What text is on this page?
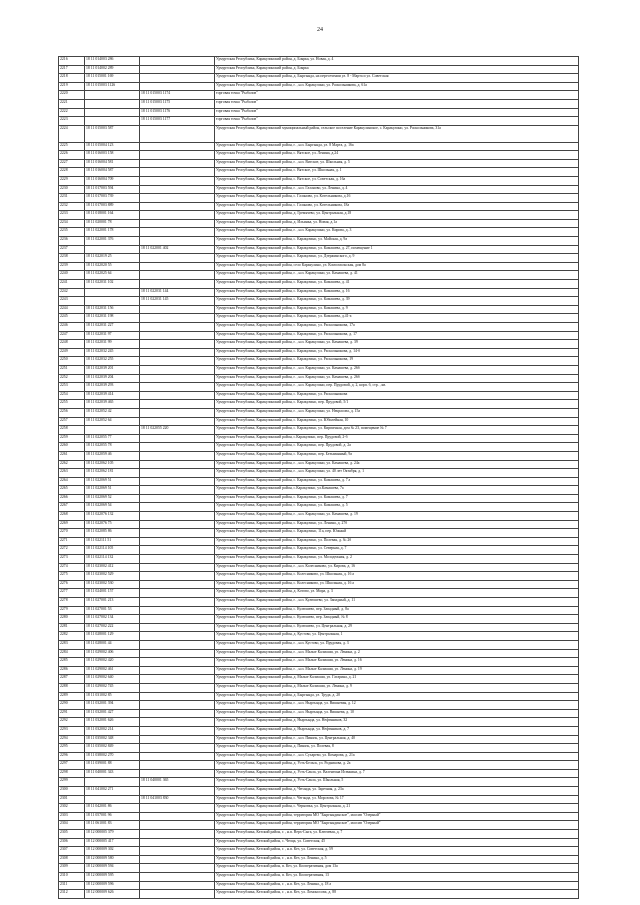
24
2216	18 11 014003 286		Удмуртская Республика, Каракулинский район, д. Боярка, ул. Новая, д. 4
2217	18 11 014002 289		Удмуртская Республика, Каракулинский район, д. Боярка
2218	18 11 015001 169		Удмуртская Республика, Каракулинский район, д. Быргында, на пересечении ул. 8 - Марта и ул. Советская
2219	18 11 015003 1126		Удмуртская Республика, Каракулинский район, г. , н.п. Каракулино, ул. Раскольникова, д. 61а
2220		18 11 015003 1174	торговая точка "Рыболов"
2221		18 11 015003 1175	торговая точка "Рыболов"
2222		18 11 015003 1176	торговая точка "Рыболов"
2223		18 11 015003 1177	торговая точка "Рыболов"
2224	18 11 015003 587		Удмуртская Республика, Каракулинский муниципальный район, сельское поселение Каракулинское, с. Каракулино, ул. Раскольникова, 31а
2225	18 11 015004 123		Удмуртская Республика, Каракулинский район, г. , н.п. Быргында, ул. 8 Марта, д. 16а
2226	18 11 016003 158		Удмуртская Республика, Каракулинский район, с. Вятское, ул. Ленина, д.24
2227	18 11 016004 581		Удмуртская Республика, Каракулинский район, г. , н.п. Вятское, ул. Школьная, д. 5
2228	18 11 016004 587		Удмуртская Республика, Каракулинский район, с. Вятское, ул. Школьная, д. 1
2229	18 11 016004 709		Удмуртская Республика, Каракулинский район, с. Вятское, ул. Советская, д. 16а
2230	18 11 017003 594		Удмуртская Республика, Каракулинский район, г. , н.п. Галаново, ул. Ленина, д. 4
2231	18 11 017003 739		Удмуртская Республика, Каракулинский район, с. Галаново, ул. Котельникова, д.16
2232	18 11 017003 889		Удмуртская Республика, Каракулинский район, с. Галаново, ул. Котельникова, 18а
2233	18 11 018001 164		Удмуртская Республика, Каракулинский район, д. Гремячево, ул. Центральная, д.18
2234	18 11 020001 78		Удмуртская Республика, Каракулинский район, д. Ильинка, ул. Новая, д.1а
2235	18 11 022001 178		Удмуртская Республика, Каракулинский район, г. , н.п. Каракулино, ул. Кирова, д. 3
2236	18 11 022001 376		Удмуртская Республика, Каракулинский район, с. Каракулино, ул. Майская, д. 9а
2237		18 11 022001 402	Удмуртская Республика, Каракулинский район, с. Каракулино, ул. Камашева, д. 27, помещение 1
2238	18 11 022019 25		Удмуртская Республика, Каракулинский район, с. Каракулино, ул. Дзержинского, д. 9
2239	18 11 022020 55		Удмуртская Республика, Каракулинский район, село Каракулино, ул. Комсомольская, дом 8а
2240	18 11 022025 64		Удмуртская Республика, Каракулинский район, г. , н.п. Каракулино, ул. Камашева, д. 41
2241	18 11 022031 102		Удмуртская Республика, Каракулинский район, с. Каракулино, ул. Камашева, д. 41
2242		18 11 022031 144	Удмуртская Республика, Каракулинский район, с. Каракулино, ул. Камашева, д. 16
2243		18 11 022031 145	Удмуртская Республика, Каракулинский район, с. Каракулино, ул. Камашева, д. 39
2244	18 11 022031 156		Удмуртская Республика, Каракулинский район, с. Каракулино, ул. Камашева, д. 9
2245	18 11 022031 198		Удмуртская Республика, Каракулинский район, с. Каракулино, ул. Камашева, д.41-а
2246	18 11 022031 227		Удмуртская Республика, Каракулинский район, с. Каракулино, ул. Раскольникова, 17а
2247	18 11 022031 97		Удмуртская Республика, Каракулинский район, с. Каракулино, ул. Раскольникова, д. 17
2248	18 11 022031 99		Удмуртская Республика, Каракулинский район, г. , н.п. Каракулино, ул. Камашева, д. 39
2249	18 11 022032 245		Удмуртская Республика, Каракулинский район, с. Каракулино, ул. Раскольникова, д. 14-б
2250	18 11 022032 255		Удмуртская Республика, Каракулинский район, с. Каракулино, ул. Раскольникова, 19
2251	18 11 022039 201		Удмуртская Республика, Каракулинский район, г. , н.п. Каракулино, ул. Камашева, д. 26б
2252	18 11 022039 204		Удмуртская Республика, Каракулинский район, г. , н.п. Каракулино, ул. Камашева, д. 26б
2253	18 11 022039 293		Удмуртская Республика, Каракулинский район, г. , н.п. Каракулино, пер. Прудовой, д. 2, корп. б, стр. , кв.
2254	18 11 022039 414		Удмуртская Республика, Каракулинский район, с. Каракулино, ул. Раскольникова
2255	18 11 022039 465		Удмуртская Республика, Каракулинский район, с. Каракулино, пер. Прудовой, 5/1
2256	18 11 022052 42		Удмуртская Республика, Каракулинский район, г. , н.п. Каракулино, ул. Некрасова, д. 15а
2257	18 11 022052 64		Удмуртская Республика, Каракулинский район, с. Каракулино, ул. Юбилейная, 10
2258		18 11 022055 220	Удмуртская Республика, Каракулинский район, с. Каракулино, ул. Кирпичная, дом № 23, помещение № 7
2259	18 11 022055 77		Удмуртская Республика, Каракулинский район, с.Каракулино, пер. Прудовой, 2-б
2260	18 11 022055 78		Удмуртская Республика, Каракулинский район, с. Каракулино, пер. Прудовой, д. 2а
2261	18 11 022059 46		Удмуртская Республика, Каракулинский район, с. Каракулино, пер. Безымянный, 9а
2262	18 11 022062 105		Удмуртская Республика, Каракулинский район, г. , н.п. Каракулино, ул. Камашева, д. 24а
2263	18 11 022062 181		Удмуртская Республика, Каракулинский район, г. , н.п. Каракулино, ул. 40 лет Октября, д. 1
2264	18 11 022069 51		Удмуртская Республика, Каракулинский район, с. Каракулино, ул. Камашева, д. 7 а
2265	18 11 022069 51		Удмуртская Республика, Каракулинский район, с.Каракулино, ул.Камашева, 7а
2266	18 11 022069 52		Удмуртская Республика, Каракулинский район, с. Каракулино, ул. Камашева, д. 7
2267	18 11 022069 54		Удмуртская Республика, Каракулинский район, с. Каракулино, ул. Камашева, д. 5
2268	18 11 022076 132		Удмуртская Республика, Каракулинский район, г. , н.п. Каракулино, ул. Камашева, д. 19
2269	18 11 022076 75		Удмуртская Республика, Каракулинский район, с. Каракулино, ул. Ленина, д. 27б
2270	18 11 022085 86		Удмуртская Республика, Каракулинский район, с. Каракулино, 11а, пер. Южный
2271	18 11 022111 51		Удмуртская Республика, Каракулинский район, с. Каракулино, ул. Полевая, д. № 2б
2272	18 11 022114 105		Удмуртская Республика, Каракулинский район, с. Каракулино, ул. Северная, д. 7
2273	18 11 022114 132		Удмуртская Республика, Каракулинский район, с. Каракулино, ул. Молодежная, д. 2
2274	18 11 023002 412		Удмуртская Республика, Каракулинский район, г. , н.п. Колесниково, ул. Кирова, д. 16
2275	18 11 023002 529		Удмуртская Республика, Каракулинский район, с. Колесниково, ул. Школьная, д. 16 а
2276	18 11 023002 530		Удмуртская Республика, Каракулинский район, с. Колесниково, ул. Школьная, д. 16 а
2277	18 11 024001 157		Удмуртская Республика, Каракулинский район, д. Котово, ул. Мира, д. 3
2278	18 11 027001 213		Удмуртская Республика, Каракулинский район, г. , н.п. Кулюшево, ул. Западный, д. 11
2279	18 11 027001 53		Удмуртская Республика, Каракулинский район, с. Кулюшево, пер. Западный, д. 8а
2280	18 11 027002 134		Удмуртская Республика, Каракулинский район, с. Кулюшево, пер. Западный, № 8
2281	18 11 027002 222		Удмуртская Республика, Каракулинский район, с. Кулюшево, ул. Центральная, д. 29
2282	18 11 028001 129		Удмуртская Республика, Каракулинский район, д. Кустово, ул. Центральная, 1
2283	18 11 028001 44		Удмуртская Республика, Каракулинский район, г. , н.п. Кустово, ул. Прудовая, д. 3
2284	18 11 029002 406		Удмуртская Республика, Каракулинский район, г. , н.п. Малые Калмаши, ул. Ленина, д. 2
2285	18 11 029002 420		Удмуртская Республика, Каракулинский район, г. , н.п. Малые Калмаши, ул. Ленина, д. 16
2286	18 11 029002 461		Удмуртская Республика, Каракулинский район, г. , н.п. Малые Калмаши, ул. Ленина, д. 19
2287	18 11 029002 640		Удмуртская Республика, Каракулинский район, д. Малые Калмаши, ул. Гагарина, д. 21
2288	18 11 029002 745		Удмуртская Республика, Каракулинский район, д. Малые Калмаши, ул. Ленина, д. 9
2289	18 11 031002 85		Удмуртская Республика, Каракулинский район, д. Быргында, ул. Труда, д. 20
2290	18 11 032001 394		Удмуртская Республика, Каракулинский район, г. , н.п. Ныргында, ул. Вишневая, д. 12
2291	18 11 032001 427		Удмуртская Республика, Каракулинский район, г. , н.п. Ныргында, ул. Вишнева, д. 10
2292	18 11 032001 626		Удмуртская Республика, Каракулинский район, д. Ныргында, ул. Нефтяников, 32
2293	18 11 032002 214		Удмуртская Республика, Каракулинский район, д. Ныргында, ул. Нефтяников, д. 7
2294	18 11 035002 348		Удмуртская Республика, Каракулинский район, г. , н.п. Пинязь, ул. Центральная, д. 40
2295	18 11 035002 849		Удмуртская Республика, Каракулинский район, д. Пинязь, ул. Полевая, 8
2296	18 11 038002 270		Удмуртская Республика, Каракулинский район, г. , н.п. Сухарево, ул. Комарова, д. 21а
2297	18 11 039001 88		Удмуртская Республика, Каракулинский район, д. Усть-Бельск, ул. Родникова, д. 2а
2298	18 11 040001 343		Удмуртская Республика, Каракулинский район, д. Усть-Сакла, ул. Валентина Исенкина, д. 7
2299		18 11 040001 365	Удмуртская Республика, Каракулинский район, д. Усть-Сакла, ул. Школьная, 5
2300	18 11 041002 271		Удмуртская Республика, Каракулинский район, д. Чеганда, ул. Заречная, д. 23а
2301		18 11 041003 830	Удмуртская Республика, Каракулинский район, с. Чеганда, ул. Морозова, № 17
2302	18 11 042001 86		Удмуртская Республика, Каракулинский район, с. Черновка, ул. Центральная, д. 21
2303	18 11 057001 96		Удмуртская Республика, Каракулинский район, территория МО "Быргындинское", массив "Озерный"
2304	18 11 061001 83		Удмуртская Республика, Каракулинский район, территория МО "Быргындинское", массив "Озерный"
2305	18 12 000005 379		Удмуртская Республика, Кезский район, г. , н.п. Верх-Сыга, ул. Ключевая, д. 7
2306	18 12 000005 417		Удмуртская Республика, Кезский район, с. Чепца, ул. Советская, 45
2307	18 12 000009 302		Удмуртская Республика, Кезский район, г. , н.п. Кез, ул. Советская, д. 59
2308	18 12 000009 580		Удмуртская Республика, Кезский район, г. , н.п. Кез, ул. Ленина, д. 5
2309	18 12 000009 594		Удмуртская Республика, Кезский район, п. Кез, ул. Кооперативная, дом 13а
2310	18 12 000009 595		Удмуртская Республика, Кезский район, п. Кез, ул. Кооперативная, 13
2311	18 12 000009 596		Удмуртская Республика, Кезский район, г. , н.п. Кез, ул. Ленина, д. 18 а
2312	18 12 000009 626		Удмуртская Республика, Кезский район, г. , н.п. Кез, ул. Ломоносова, д. 88
